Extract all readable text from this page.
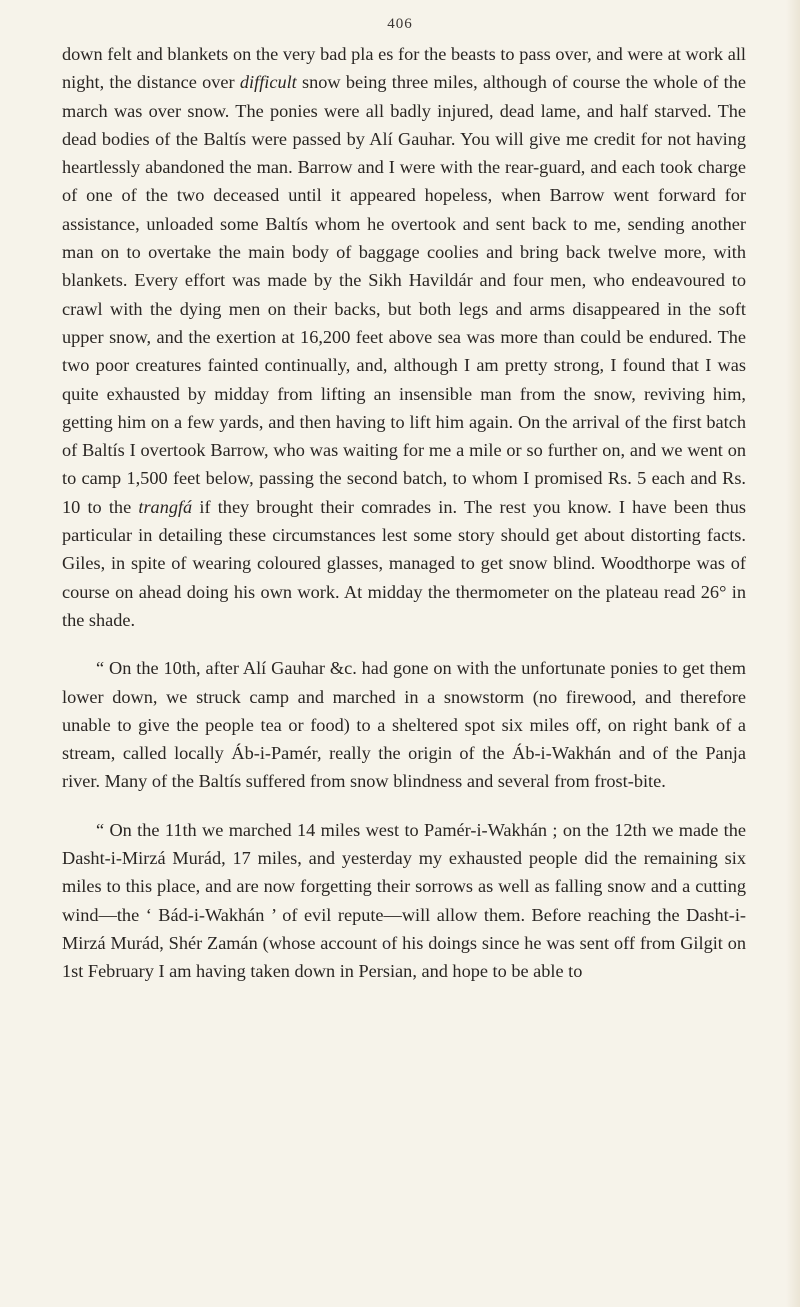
406

down felt and blankets on the very bad pla es for the beasts to pass over, and were at work all night, the distance over difficult snow being three miles, although of course the whole of the march was over snow. The ponies were all badly injured, dead lame, and half starved. The dead bodies of the Baltís were passed by Alí Gauhar. You will give me credit for not having heartlessly abandoned the man. Barrow and I were with the rear-guard, and each took charge of one of the two deceased until it appeared hopeless, when Barrow went forward for assistance, unloaded some Baltís whom he overtook and sent back to me, sending another man on to overtake the main body of baggage coolies and bring back twelve more, with blankets. Every effort was made by the Sikh Havildár and four men, who endeavoured to crawl with the dying men on their backs, but both legs and arms disappeared in the soft upper snow, and the exertion at 16,200 feet above sea was more than could be endured. The two poor creatures fainted continually, and, although I am pretty strong, I found that I was quite exhausted by midday from lifting an insensible man from the snow, reviving him, getting him on a few yards, and then having to lift him again. On the arrival of the first batch of Baltís I overtook Barrow, who was waiting for me a mile or so further on, and we went on to camp 1,500 feet below, passing the second batch, to whom I promised Rs. 5 each and Rs. 10 to the trangfá if they brought their comrades in. The rest you know. I have been thus particular in detailing these circumstances lest some story should get about distorting facts. Giles, in spite of wearing coloured glasses, managed to get snow blind. Woodthorpe was of course on ahead doing his own work. At midday the thermometer on the plateau read 26° in the shade.

“ On the 10th, after Alí Gauhar &c. had gone on with the unfortunate ponies to get them lower down, we struck camp and marched in a snowstorm (no firewood, and therefore unable to give the people tea or food) to a sheltered spot six miles off, on right bank of a stream, called locally Áb-i-Pamér, really the origin of the Áb-i-Wakhán and of the Panja river. Many of the Baltís suffered from snow blindness and several from frost-bite.

“ On the 11th we marched 14 miles west to Pamér-i-Wakhán ; on the 12th we made the Dasht-i-Mirzá Murád, 17 miles, and yesterday my exhausted people did the remaining six miles to this place, and are now forgetting their sorrows as well as falling snow and a cutting wind—the ‘ Bád-i-Wakhán ’ of evil repute—will allow them. Before reaching the Dasht-i-Mirzá Murád, Shér Zamán (whose account of his doings since he was sent off from Gilgit on 1st February I am having taken down in Persian, and hope to be able to
